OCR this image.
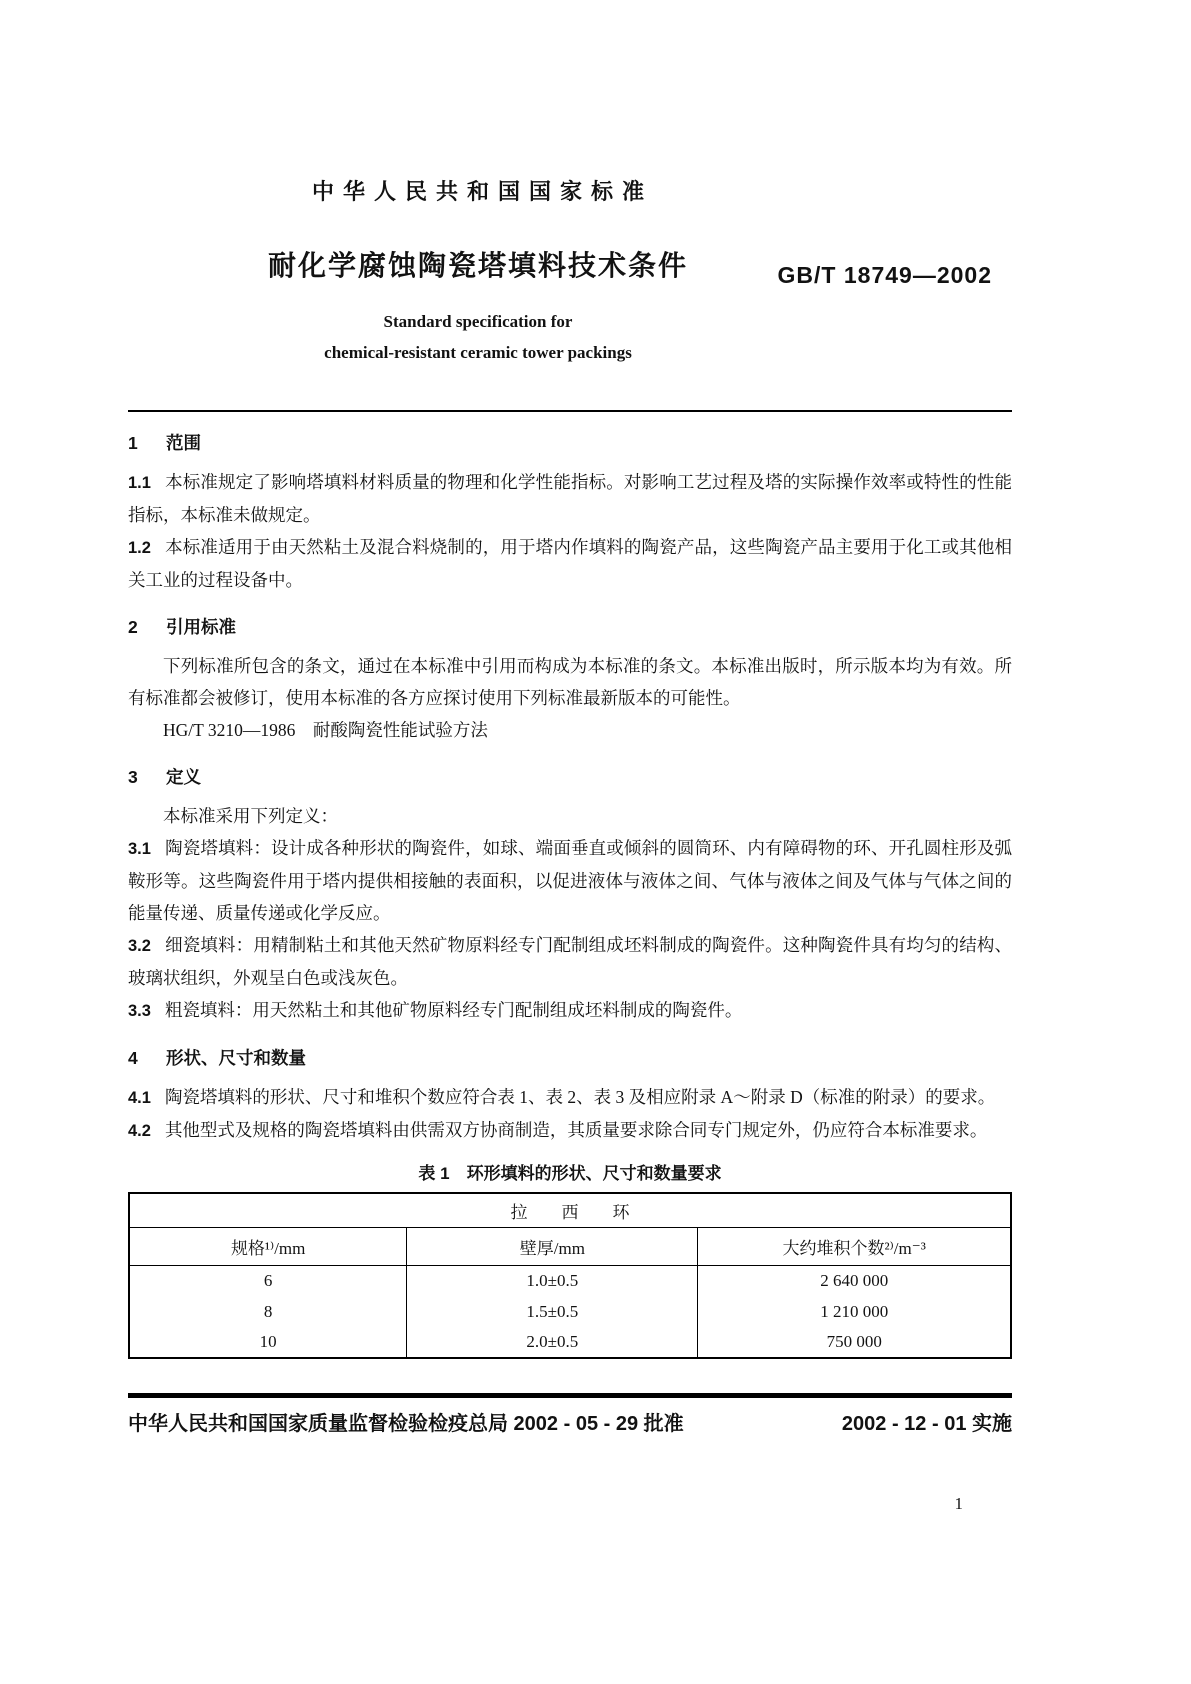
中华人民共和国国家标准
耐化学腐蚀陶瓷塔填料技术条件
Standard specification for
chemical-resistant ceramic tower packings
GB/T 18749—2002
1 范围

1.1 本标准规定了影响塔填料材料质量的物理和化学性能指标。对影响工艺过程及塔的实际操作效率或特性的性能指标，本标准未做规定。

1.2 本标准适用于由天然粘土及混合料烧制的，用于塔内作填料的陶瓷产品，这些陶瓷产品主要用于化工或其他相关工业的过程设备中。

2 引用标准

下列标准所包含的条文，通过在本标准中引用而构成为本标准的条文。本标准出版时，所示版本均为有效。所有标准都会被修订，使用本标准的各方应探讨使用下列标准最新版本的可能性。

HG/T 3210—1986　耐酸陶瓷性能试验方法

3 定义

本标准采用下列定义：

3.1 陶瓷塔填料：设计成各种形状的陶瓷件，如球、端面垂直或倾斜的圆筒环、内有障碍物的环、开孔圆柱形及弧鞍形等。这些陶瓷件用于塔内提供相接触的表面积，以促进液体与液体之间、气体与液体之间及气体与气体之间的能量传递、质量传递或化学反应。

3.2 细瓷填料：用精制粘土和其他天然矿物原料经专门配制组成坯料制成的陶瓷件。这种陶瓷件具有均匀的结构、玻璃状组织，外观呈白色或浅灰色。

3.3 粗瓷填料：用天然粘土和其他矿物原料经专门配制组成坯料制成的陶瓷件。

4 形状、尺寸和数量

4.1 陶瓷塔填料的形状、尺寸和堆积个数应符合表 1、表 2、表 3 及相应附录 A～附录 D（标准的附录）的要求。

4.2 其他型式及规格的陶瓷塔填料由供需双方协商制造，其质量要求除合同专门规定外，仍应符合本标准要求。

表 1　环形填料的形状、尺寸和数量要求
拉　　西　　环		
规格¹⁾/mm	壁厚/mm	大约堆积个数²⁾/m⁻³
6	1.0±0.5	2 640 000
8	1.5±0.5	1 210 000
10	2.0±0.5	750 000
中华人民共和国国家质量监督检验检疫总局 2002 - 05 - 29 批准	2002 - 12 - 01 实施
1
